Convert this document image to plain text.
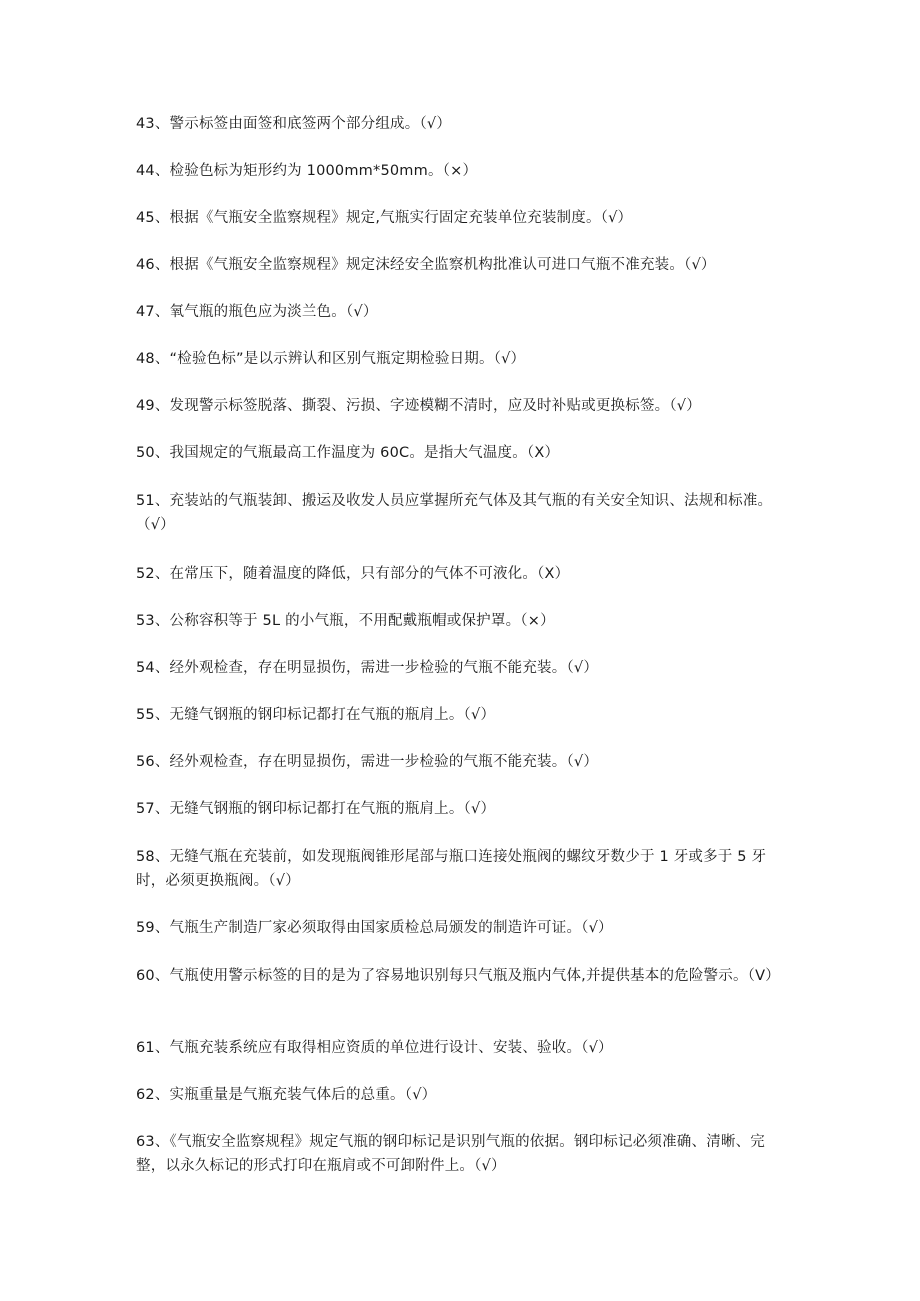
43、警示标签由面签和底签两个部分组成。（√）

44、检验色标为矩形约为 1000mm*50mm。（×）

45、根据《气瓶安全监察规程》规定,气瓶实行固定充装单位充装制度。（√）

46、根据《气瓶安全监察规程》规定沫经安全监察机构批准认可进口气瓶不准充装。（√）

47、氧气瓶的瓶色应为淡兰色。（√）

48、“检验色标”是以示辨认和区别气瓶定期检验日期。（√）

49、发现警示标签脱落、撕裂、污损、字迹模糊不清时，应及时补贴或更换标签。（√）

50、我国规定的气瓶最高工作温度为 60C。是指大气温度。（X）

51、充装站的气瓶装卸、搬运及收发人员应掌握所充气体及其气瓶的有关安全知识、法规和标准。（√）

52、在常压下，随着温度的降低，只有部分的气体不可液化。（X）

53、公称容积等于 5L 的小气瓶，不用配戴瓶帽或保护罩。（×）

54、经外观检查，存在明显损伤，需进一步检验的气瓶不能充装。（√）

55、无缝气钢瓶的钢印标记都打在气瓶的瓶肩上。（√）

56、经外观检查，存在明显损伤，需进一步检验的气瓶不能充装。（√）

57、无缝气钢瓶的钢印标记都打在气瓶的瓶肩上。（√）

58、无缝气瓶在充装前，如发现瓶阀锥形尾部与瓶口连接处瓶阀的螺纹牙数少于 1 牙或多于 5 牙时，必须更换瓶阀。（√）

59、气瓶生产制造厂家必须取得由国家质检总局颁发的制造许可证。（√）

60、气瓶使用警示标签的目的是为了容易地识别每只气瓶及瓶内气体,并提供基本的危险警示。（V）

61、气瓶充装系统应有取得相应资质的单位进行设计、安装、验收。（√）

62、实瓶重量是气瓶充装气体后的总重。（√）

63、《气瓶安全监察规程》规定气瓶的钢印标记是识别气瓶的依据。钢印标记必须准确、清晰、完整，以永久标记的形式打印在瓶肩或不可卸附件上。（√）
